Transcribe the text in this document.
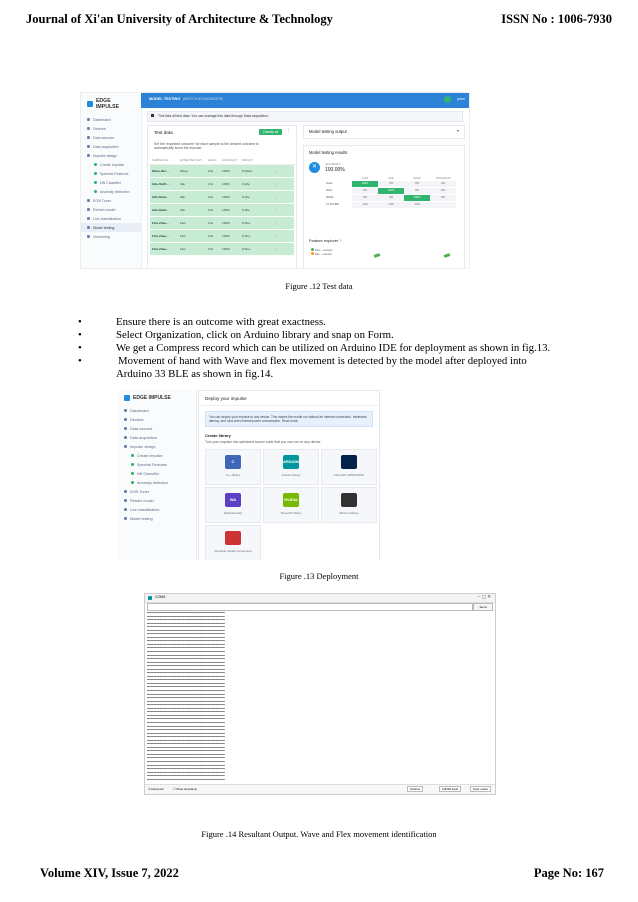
Journal of Xi'an University of Architecture & Technology	ISSN No : 1006-7930
EDGE IMPULSE
Dashboard
Devices
Data sources
Data acquisition
Impulse design
Create impulse
Spectral Features
NN Classifier
Anomaly detection
EON Tuner
Retrain model
Live classification
Model testing
Versioning
MODEL TESTING (SKETCH NO INCUBATOR)	prem
This lists all test data. You can manage this data through Data acquisition.
Test data	Classify all	⋮
Set the 'expected outcome' for each sample to the desired outcome to automatically score the impulse.
SAMPLE NA...	EXPECTED OUT...	LENG...	ACCURACY	RESULT
Wave.2bc...	Wave	13s	100%	8 Wave	⋮
Idle.2befh...	Idle	13s	100%	9 Idle	⋮
Idle.2befe...	Idle	13s	100%	9 Idle	⋮
Idle.2befh...	Idle	13s	100%	9 Idle	⋮
Flex.2bae...	Flex	13s	100%	9 Flex	⋮
Flex.2bae...	Flex	13s	100%	9 Flex	⋮
Flex.2bae...	Flex	13s	100%	9 Flex	⋮
Model testing output	▾
Model testing results
✕	ACCURACY
100.00%
FLEX	IDLE	WAVE	UNCERTAIN
FLEX	100%	0%	0%	0%
IDLE	0%	100%	0%	0%
WAVE	0%	0%	100%	0%
F1 SCORE	1.00	1.00	1.00
Feature explorer ?
Flex - correct
Idle - correct
Figure .12 Test data
•	Ensure there is an outcome with great exactness.
•	Select Organization, click on Arduino library and snap on Form.
•	We get a Compress record which can be utilized on Arduino IDE for deployment as shown in fig.13.
•	Movement of hand with Wave and flex movement is detected by the model after deployed into
Arduino 33 BLE as shown in fig.14.
EDGE IMPULSE
Dashboard
Devices
Data sources
Data acquisition
Impulse design
Create impulse
Spectral Features
NN Classifier
Anomaly detection
EON Tuner
Retrain model
Live classification
Model testing
Deploy your impulse
You can deploy your impulse to any device. This makes the model run without an internet connection, minimizes latency, and runs with minimal power consumption. Read more.
Create library
Turn your impulse into optimized source code that you can run on any device.
C
C++ library
ARDUINO
Arduino library	Cube.MX CMSIS-PACK
WA
WebAssembly
NVIDIA
TensorRT library	Ethos-U library
Simplicity Studio Component
Figure .13 Deployment
COM3	– ▢ ✕
Send
▬▬▬▬▬▬▬▬▬▬▬▬▬▬▬▬▬▬▬▬▬▬▬▬▬▬▬▬▬▬▬▬▬▬▬▬▬▬▬▬▬▬▬▬▬▬▬▬▬▬
▬▬▬▬▬▬▬▬▬▬▬▬▬▬▬▬▬▬▬▬▬▬▬▬▬▬▬▬▬▬▬▬▬▬▬▬▬▬▬▬▬▬▬▬▬▬▬▬▬▬
▬▬▬▬▬▬▬▬▬▬▬▬▬▬▬▬▬▬▬▬▬▬▬▬▬▬▬▬▬▬▬▬▬▬▬▬▬▬▬▬▬▬▬▬▬▬▬▬▬▬
▬▬▬▬▬▬▬▬▬▬▬▬▬▬▬▬▬▬▬▬▬▬▬▬▬▬▬▬▬▬▬▬▬▬▬▬▬▬▬▬▬▬▬▬▬▬▬▬▬▬
▬▬▬▬▬▬▬▬▬▬▬▬▬▬▬▬▬▬▬▬▬▬▬▬▬▬▬▬▬▬▬▬▬▬▬▬▬▬▬▬▬▬▬▬▬▬▬▬▬▬
▬▬▬▬▬▬▬▬▬▬▬▬▬▬▬▬▬▬▬▬▬▬▬▬▬▬▬▬▬▬▬▬▬▬▬▬▬▬▬▬▬▬▬▬▬▬▬▬▬▬
▬▬▬▬▬▬▬▬▬▬▬▬▬▬▬▬▬▬▬▬▬▬▬▬▬▬▬▬▬▬▬▬▬▬▬▬▬▬▬▬▬▬▬▬▬▬▬▬▬▬
▬▬▬▬▬▬▬▬▬▬▬▬▬▬▬▬▬▬▬▬▬▬▬▬▬▬▬▬▬▬▬▬▬▬▬▬▬▬▬▬▬▬▬▬▬▬▬▬▬▬
▬▬▬▬▬▬▬▬▬▬▬▬▬▬▬▬▬▬▬▬▬▬▬▬▬▬▬▬▬▬▬▬▬▬▬▬▬▬▬▬▬▬▬▬▬▬▬▬▬▬
▬▬▬▬▬▬▬▬▬▬▬▬▬▬▬▬▬▬▬▬▬▬▬▬▬▬▬▬▬▬▬▬▬▬▬▬▬▬▬▬▬▬▬▬▬▬▬▬▬▬
▬▬▬▬▬▬▬▬▬▬▬▬▬▬▬▬▬▬▬▬▬▬▬▬▬▬▬▬▬▬▬▬▬▬▬▬▬▬▬▬▬▬▬▬▬▬▬▬▬▬
▬▬▬▬▬▬▬▬▬▬▬▬▬▬▬▬▬▬▬▬▬▬▬▬▬▬▬▬▬▬▬▬▬▬▬▬▬▬▬▬▬▬▬▬▬▬▬▬▬▬
▬▬▬▬▬▬▬▬▬▬▬▬▬▬▬▬▬▬▬▬▬▬▬▬▬▬▬▬▬▬▬▬▬▬▬▬▬▬▬▬▬▬▬▬▬▬▬▬▬▬
▬▬▬▬▬▬▬▬▬▬▬▬▬▬▬▬▬▬▬▬▬▬▬▬▬▬▬▬▬▬▬▬▬▬▬▬▬▬▬▬▬▬▬▬▬▬▬▬▬▬
▬▬▬▬▬▬▬▬▬▬▬▬▬▬▬▬▬▬▬▬▬▬▬▬▬▬▬▬▬▬▬▬▬▬▬▬▬▬▬▬▬▬▬▬▬▬▬▬▬▬
▬▬▬▬▬▬▬▬▬▬▬▬▬▬▬▬▬▬▬▬▬▬▬▬▬▬▬▬▬▬▬▬▬▬▬▬▬▬▬▬▬▬▬▬▬▬▬▬▬▬
▬▬▬▬▬▬▬▬▬▬▬▬▬▬▬▬▬▬▬▬▬▬▬▬▬▬▬▬▬▬▬▬▬▬▬▬▬▬▬▬▬▬▬▬▬▬▬▬▬▬
▬▬▬▬▬▬▬▬▬▬▬▬▬▬▬▬▬▬▬▬▬▬▬▬▬▬▬▬▬▬▬▬▬▬▬▬▬▬▬▬▬▬▬▬▬▬▬▬▬▬
▬▬▬▬▬▬▬▬▬▬▬▬▬▬▬▬▬▬▬▬▬▬▬▬▬▬▬▬▬▬▬▬▬▬▬▬▬▬▬▬▬▬▬▬▬▬▬▬▬▬
▬▬▬▬▬▬▬▬▬▬▬▬▬▬▬▬▬▬▬▬▬▬▬▬▬▬▬▬▬▬▬▬▬▬▬▬▬▬▬▬▬▬▬▬▬▬▬▬▬▬
▬▬▬▬▬▬▬▬▬▬▬▬▬▬▬▬▬▬▬▬▬▬▬▬▬▬▬▬▬▬▬▬▬▬▬▬▬▬▬▬▬▬▬▬▬▬▬▬▬▬
▬▬▬▬▬▬▬▬▬▬▬▬▬▬▬▬▬▬▬▬▬▬▬▬▬▬▬▬▬▬▬▬▬▬▬▬▬▬▬▬▬▬▬▬▬▬▬▬▬▬
▬▬▬▬▬▬▬▬▬▬▬▬▬▬▬▬▬▬▬▬▬▬▬▬▬▬▬▬▬▬▬▬▬▬▬▬▬▬▬▬▬▬▬▬▬▬▬▬▬▬
▬▬▬▬▬▬▬▬▬▬▬▬▬▬▬▬▬▬▬▬▬▬▬▬▬▬▬▬▬▬▬▬▬▬▬▬▬▬▬▬▬▬▬▬▬▬▬▬▬▬
▬▬▬▬▬▬▬▬▬▬▬▬▬▬▬▬▬▬▬▬▬▬▬▬▬▬▬▬▬▬▬▬▬▬▬▬▬▬▬▬▬▬▬▬▬▬▬▬▬▬
▬▬▬▬▬▬▬▬▬▬▬▬▬▬▬▬▬▬▬▬▬▬▬▬▬▬▬▬▬▬▬▬▬▬▬▬▬▬▬▬▬▬▬▬▬▬▬▬▬▬
▬▬▬▬▬▬▬▬▬▬▬▬▬▬▬▬▬▬▬▬▬▬▬▬▬▬▬▬▬▬▬▬▬▬▬▬▬▬▬▬▬▬▬▬▬▬▬▬▬▬
▬▬▬▬▬▬▬▬▬▬▬▬▬▬▬▬▬▬▬▬▬▬▬▬▬▬▬▬▬▬▬▬▬▬▬▬▬▬▬▬▬▬▬▬▬▬▬▬▬▬
▬▬▬▬▬▬▬▬▬▬▬▬▬▬▬▬▬▬▬▬▬▬▬▬▬▬▬▬▬▬▬▬▬▬▬▬▬▬▬▬▬▬▬▬▬▬▬▬▬▬
▬▬▬▬▬▬▬▬▬▬▬▬▬▬▬▬▬▬▬▬▬▬▬▬▬▬▬▬▬▬▬▬▬▬▬▬▬▬▬▬▬▬▬▬▬▬▬▬▬▬
▬▬▬▬▬▬▬▬▬▬▬▬▬▬▬▬▬▬▬▬▬▬▬▬▬▬▬▬▬▬▬▬▬▬▬▬▬▬▬▬▬▬▬▬▬▬▬▬▬▬
▬▬▬▬▬▬▬▬▬▬▬▬▬▬▬▬▬▬▬▬▬▬▬▬▬▬▬▬▬▬▬▬▬▬▬▬▬▬▬▬▬▬▬▬▬▬▬▬▬▬
▬▬▬▬▬▬▬▬▬▬▬▬▬▬▬▬▬▬▬▬▬▬▬▬▬▬▬▬▬▬▬▬▬▬▬▬▬▬▬▬▬▬▬▬▬▬▬▬▬▬
▬▬▬▬▬▬▬▬▬▬▬▬▬▬▬▬▬▬▬▬▬▬▬▬▬▬▬▬▬▬▬▬▬▬▬▬▬▬▬▬▬▬▬▬▬▬▬▬▬▬
▬▬▬▬▬▬▬▬▬▬▬▬▬▬▬▬▬▬▬▬▬▬▬▬▬▬▬▬▬▬▬▬▬▬▬▬▬▬▬▬▬▬▬▬▬▬▬▬▬▬
▬▬▬▬▬▬▬▬▬▬▬▬▬▬▬▬▬▬▬▬▬▬▬▬▬▬▬▬▬▬▬▬▬▬▬▬▬▬▬▬▬▬▬▬▬▬▬▬▬▬
▬▬▬▬▬▬▬▬▬▬▬▬▬▬▬▬▬▬▬▬▬▬▬▬▬▬▬▬▬▬▬▬▬▬▬▬▬▬▬▬▬▬▬▬▬▬▬▬▬▬
▬▬▬▬▬▬▬▬▬▬▬▬▬▬▬▬▬▬▬▬▬▬▬▬▬▬▬▬▬▬▬▬▬▬▬▬▬▬▬▬▬▬▬▬▬▬▬▬▬▬
▬▬▬▬▬▬▬▬▬▬▬▬▬▬▬▬▬▬▬▬▬▬▬▬▬▬▬▬▬▬▬▬▬▬▬▬▬▬▬▬▬▬▬▬▬▬▬▬▬▬
▬▬▬▬▬▬▬▬▬▬▬▬▬▬▬▬▬▬▬▬▬▬▬▬▬▬▬▬▬▬▬▬▬▬▬▬▬▬▬▬▬▬▬▬▬▬▬▬▬▬
▬▬▬▬▬▬▬▬▬▬▬▬▬▬▬▬▬▬▬▬▬▬▬▬▬▬▬▬▬▬▬▬▬▬▬▬▬▬▬▬▬▬▬▬▬▬▬▬▬▬
▬▬▬▬▬▬▬▬▬▬▬▬▬▬▬▬▬▬▬▬▬▬▬▬▬▬▬▬▬▬▬▬▬▬▬▬▬▬▬▬▬▬▬▬▬▬▬▬▬▬
▬▬▬▬▬▬▬▬▬▬▬▬▬▬▬▬▬▬▬▬▬▬▬▬▬▬▬▬▬▬▬▬▬▬▬▬▬▬▬▬▬▬▬▬▬▬▬▬▬▬
▬▬▬▬▬▬▬▬▬▬▬▬▬▬▬▬▬▬▬▬▬▬▬▬▬▬▬▬▬▬▬▬▬▬▬▬▬▬▬▬▬▬▬▬▬▬▬▬▬▬
▬▬▬▬▬▬▬▬▬▬▬▬▬▬▬▬▬▬▬▬▬▬▬▬▬▬▬▬▬▬▬▬▬▬▬▬▬▬▬▬▬▬▬▬▬▬▬▬▬▬
▬▬▬▬▬▬▬▬▬▬▬▬▬▬▬▬▬▬▬▬▬▬▬▬▬▬▬▬▬▬▬▬▬▬▬▬▬▬▬▬▬▬▬▬▬▬▬▬▬▬
▬▬▬▬▬▬▬▬▬▬▬▬▬▬▬▬▬▬▬▬▬▬▬▬▬▬▬▬▬▬▬▬▬▬▬▬▬▬▬▬▬▬▬▬▬▬▬▬▬▬
▬▬▬▬▬▬▬▬▬▬▬▬▬▬▬▬▬▬▬▬▬▬▬▬▬▬▬▬▬▬▬▬▬▬▬▬▬▬▬▬▬▬▬▬▬▬▬▬▬▬
☑ Autoscroll	☐ Show timestamp	Newline	115200 baud	Clear output
Figure .14 Resultant Output. Wave and Flex movement identification
Volume XIV, Issue 7, 2022	Page No: 167
